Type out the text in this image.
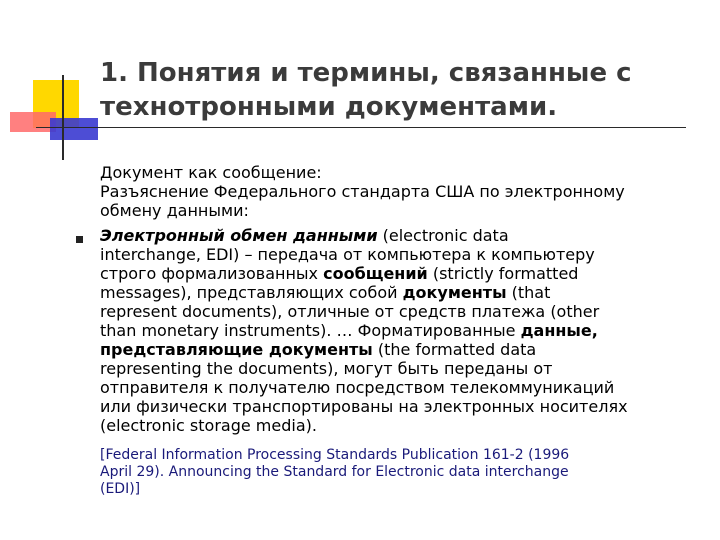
1. Понятия и термины, связанные с
технотронными документами.
Документ как сообщение:
Разъяснение Федерального стандарта США по электронному
обмену данными:
Электронный обмен данными (electronic data
interchange, EDI) – передача от компьютера к компьютеру
строго формализованных сообщений (strictly formatted
messages), представляющих собой документы (that
represent documents), отличные от средств платежа (other
than monetary instruments). … Форматированные данные,
представляющие документы (the formatted data
representing the documents), могут быть переданы от
отправителя к получателю посредством телекоммуникаций
или физически транспортированы на электронных носителях
(electronic storage media).
[Federal Information Processing Standards Publication 161-2 (1996
April 29). Announcing the Standard for Electronic data interchange
(EDI)]
